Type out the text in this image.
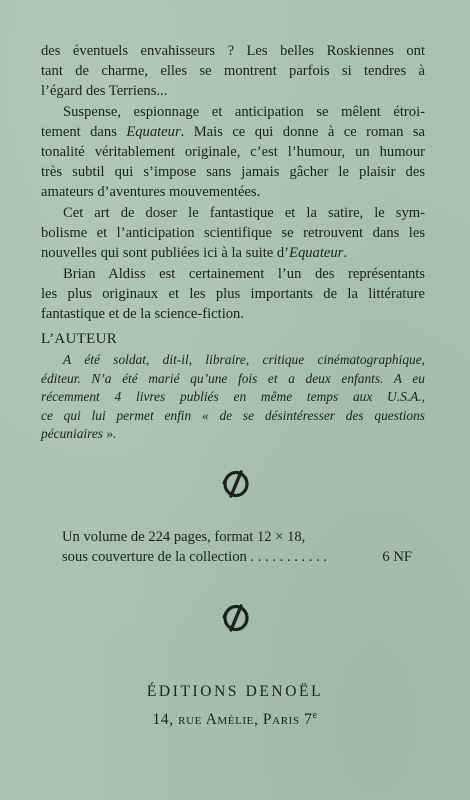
des éventuels envahisseurs ? Les belles Roskiennes ont
tant de charme, elles se montrent parfois si tendres à
l’égard des Terriens...
Suspense, espionnage et anticipation se mêlent étroi-
tement dans Equateur. Mais ce qui donne à ce roman sa
tonalité véritablement originale, c’est l’humour, un humour
très subtil qui s’impose sans jamais gâcher le plaisir des
amateurs d’aventures mouvementées.
Cet art de doser le fantastique et la satire, le sym-
bolisme et l’anticipation scientifique se retrouvent dans les
nouvelles qui sont publiées ici à la suite d’Equateur.
Brian Aldiss est certainement l’un des représentants
les plus originaux et les plus importants de la littérature
fantastique et de la science-fiction.
L’AUTEUR
A été soldat, dit-il, libraire, critique cinématographique,
éditeur. N’a été marié qu’une fois et a deux enfants. A eu
récemment 4 livres publiés en même temps aux U.S.A.,
ce qui lui permet enfin « de se désintéresser des questions
pécuniaires ».
Un volume de 224 pages, format 12 × 18,
sous couverture de la collection . . . . . . . . . . .	6 NF
ÉDITIONS DENOËL
14, rue Amélie, Paris 7e
